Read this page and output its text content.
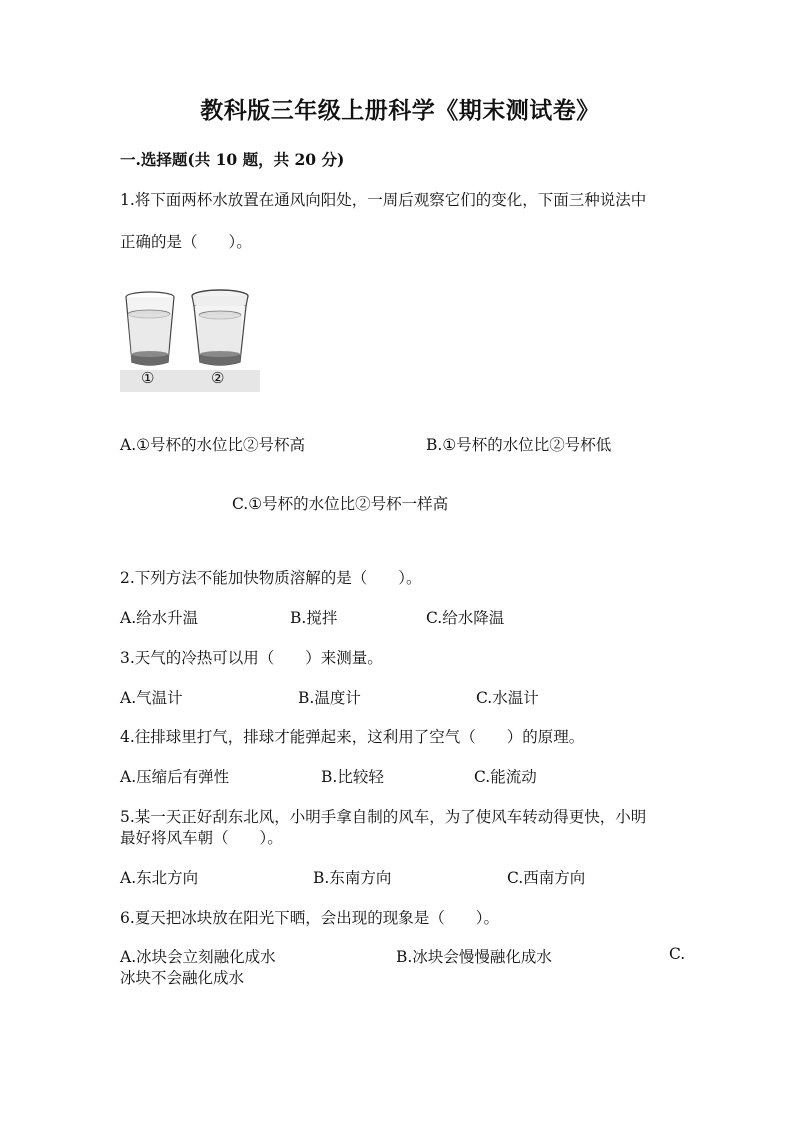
教科版三年级上册科学《期末测试卷》
一.选择题(共 10 题，共 20 分)
1.将下面两杯水放置在通风向阳处，一周后观察它们的变化，下面三种说法中
正确的是（　　）。
①	②
A.①号杯的水位比②号杯高	B.①号杯的水位比②号杯低
C.①号杯的水位比②号杯一样高
2.下列方法不能加快物质溶解的是（　　）。
A.给水升温	B.搅拌	C.给水降温
3.天气的冷热可以用（　　）来测量。
A.气温计	B.温度计	C.水温计
4.往排球里打气，排球才能弹起来，这利用了空气（　　）的原理。
A.压缩后有弹性	B.比较轻	C.能流动
5.某一天正好刮东北风，小明手拿自制的风车，为了使风车转动得更快，小明
最好将风车朝（　　）。
A.东北方向	B.东南方向	C.西南方向
6.夏天把冰块放在阳光下晒，会出现的现象是（　　）。
A.冰块会立刻融化成水	B.冰块会慢慢融化成水	C.
冰块不会融化成水
